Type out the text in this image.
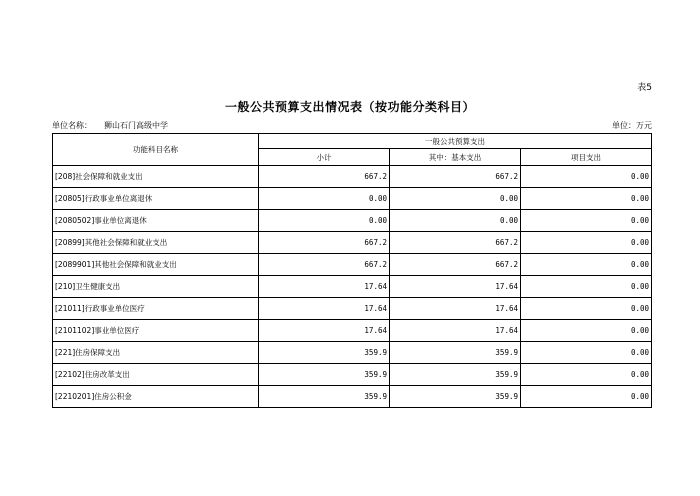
表5
一般公共预算支出情况表（按功能分类科目）
单位名称： 狮山石门高级中学	单位：万元
功能科目名称	一般公共预算支出		
	小计	其中：基本支出	项目支出
[208]社会保障和就业支出	667.2	667.2	0.00
[20805]行政事业单位离退休	0.00	0.00	0.00
[2080502]事业单位离退休	0.00	0.00	0.00
[20899]其他社会保障和就业支出	667.2	667.2	0.00
[2089901]其他社会保障和就业支出	667.2	667.2	0.00
[210]卫生健康支出	17.64	17.64	0.00
[21011]行政事业单位医疗	17.64	17.64	0.00
[2101102]事业单位医疗	17.64	17.64	0.00
[221]住房保障支出	359.9	359.9	0.00
[22102]住房改革支出	359.9	359.9	0.00
[2210201]住房公积金	359.9	359.9	0.00
